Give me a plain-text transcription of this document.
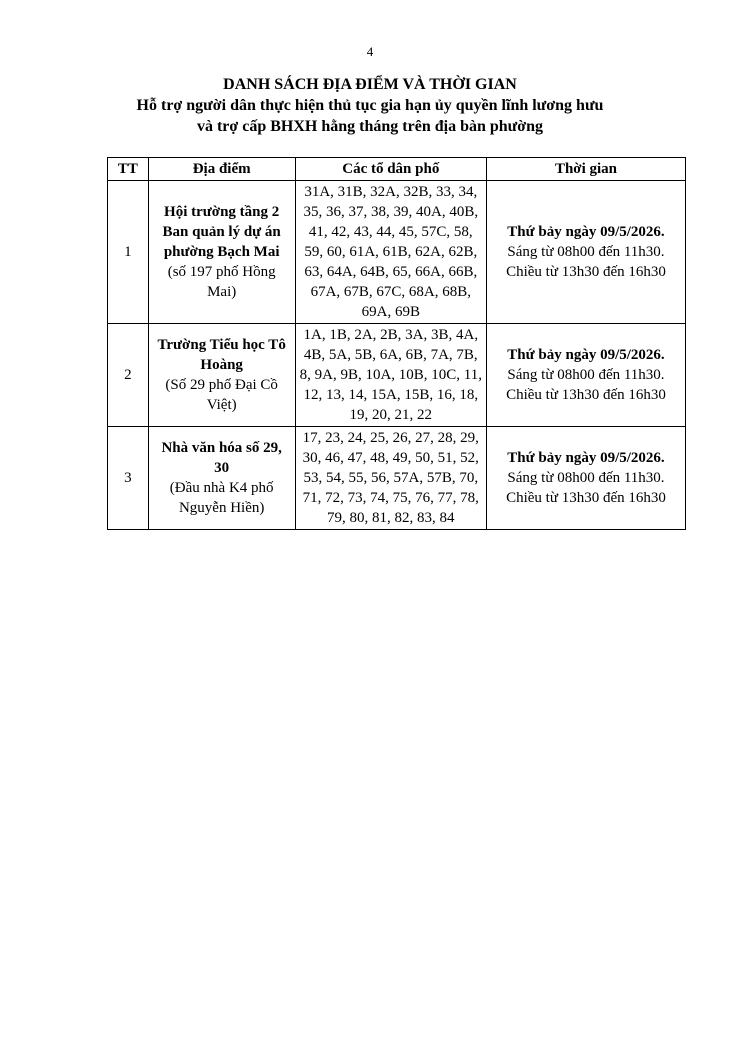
4
DANH SÁCH ĐỊA ĐIỂM VÀ THỜI GIAN
Hỗ trợ người dân thực hiện thủ tục gia hạn ủy quyền lĩnh lương hưu
và trợ cấp BHXH hằng tháng trên địa bàn phường
TT	Địa điểm	Các tổ dân phố	Thời gian
1	Hội trường tầng 2 Ban quản lý dự án phường Bạch Mai
(số 197 phố Hồng Mai)	31A, 31B, 32A, 32B, 33, 34, 35, 36, 37, 38, 39, 40A, 40B, 41, 42, 43, 44, 45, 57C, 58, 59, 60, 61A, 61B, 62A, 62B, 63, 64A, 64B, 65, 66A, 66B, 67A, 67B, 67C, 68A, 68B, 69A, 69B	Thứ bảy ngày 09/5/2026.
Sáng từ 08h00 đến 11h30.
Chiều từ 13h30 đến 16h30

2	Trường Tiểu học Tô Hoàng
(Số 29 phố Đại Cồ Việt)	1A, 1B, 2A, 2B, 3A, 3B, 4A, 4B, 5A, 5B, 6A, 6B, 7A, 7B, 8, 9A, 9B, 10A, 10B, 10C, 11, 12, 13, 14, 15A, 15B, 16, 18, 19, 20, 21, 22	Thứ bảy ngày 09/5/2026.
Sáng từ 08h00 đến 11h30.
Chiều từ 13h30 đến 16h30

3	Nhà văn hóa số 29, 30
(Đầu nhà K4 phố Nguyễn Hiền)	17, 23, 24, 25, 26, 27, 28, 29, 30, 46, 47, 48, 49, 50, 51, 52, 53, 54, 55, 56, 57A, 57B, 70, 71, 72, 73, 74, 75, 76, 77, 78, 79, 80, 81, 82, 83, 84	Thứ bảy ngày 09/5/2026.
Sáng từ 08h00 đến 11h30.
Chiều từ 13h30 đến 16h30
